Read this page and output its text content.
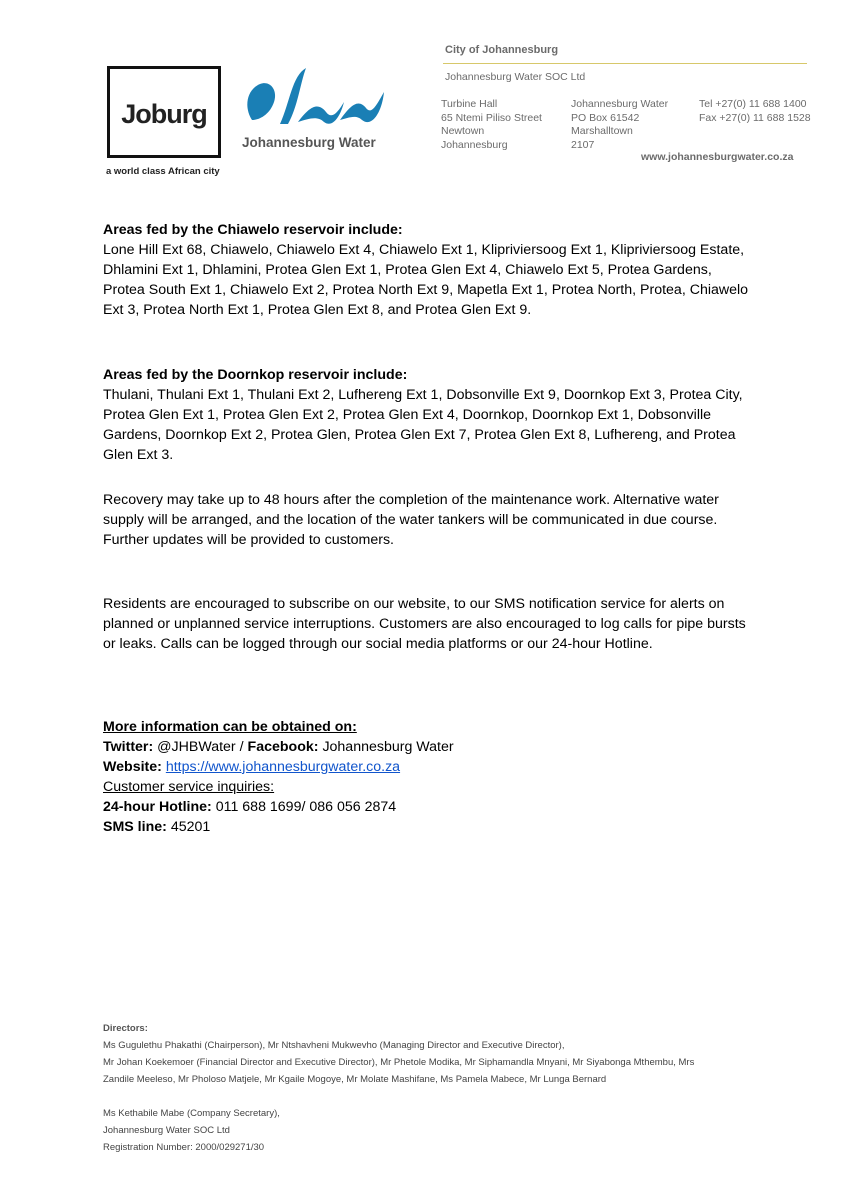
Joburg
a world class African city
Johannesburg Water
City of Johannesburg
Johannesburg Water SOC Ltd
Turbine Hall
65 Ntemi Piliso Street
Newtown
Johannesburg
Johannesburg Water
PO Box 61542
Marshalltown
2107
Tel +27(0) 11 688 1400
Fax +27(0) 11 688 1528
www.johannesburgwater.co.za

Areas fed by the Chiawelo reservoir include:

Lone Hill Ext 68, Chiawelo, Chiawelo Ext 4, Chiawelo Ext 1, Klipriviersoog Ext 1, Klipriviersoog Estate, Dhlamini Ext 1, Dhlamini, Protea Glen Ext 1, Protea Glen Ext 4, Chiawelo Ext 5, Protea Gardens, Protea South Ext 1, Chiawelo Ext 2, Protea North Ext 9, Mapetla Ext 1, Protea North, Protea, Chiawelo Ext 3, Protea North Ext 1, Protea Glen Ext 8, and Protea Glen Ext 9.

Areas fed by the Doornkop reservoir include:

Thulani, Thulani Ext 1, Thulani Ext 2, Lufhereng Ext 1, Dobsonville Ext 9, Doornkop Ext 3, Protea City, Protea Glen Ext 1, Protea Glen Ext 2, Protea Glen Ext 4, Doornkop, Doornkop Ext 1, Dobsonville Gardens, Doornkop Ext 2, Protea Glen, Protea Glen Ext 7, Protea Glen Ext 8, Lufhereng, and Protea Glen Ext 3.

Recovery may take up to 48 hours after the completion of the maintenance work. Alternative water supply will be arranged, and the location of the water tankers will be communicated in due course. Further updates will be provided to customers.

Residents are encouraged to subscribe on our website, to our SMS notification service for alerts on planned or unplanned service interruptions. Customers are also encouraged to log calls for pipe bursts or leaks. Calls can be logged through our social media platforms or our 24-hour Hotline.

More information can be obtained on:

Twitter: @JHBWater / Facebook: Johannesburg Water

Website: https://www.johannesburgwater.co.za

Customer service inquiries:

24-hour Hotline: 011 688 1699/ 086 056 2874

SMS line: 45201

Directors:
Ms Gugulethu Phakathi (Chairperson), Mr Ntshavheni Mukwevho (Managing Director and Executive Director),
Mr Johan Koekemoer (Financial Director and Executive Director), Mr Phetole Modika, Mr Siphamandla Mnyani, Mr Siyabonga Mthembu, Mrs
Zandile Meeleso, Mr Pholoso Matjele, Mr Kgaile Mogoye, Mr Molate Mashifane, Ms Pamela Mabece, Mr Lunga Bernard
Ms Kethabile Mabe (Company Secretary),
Johannesburg Water SOC Ltd
Registration Number: 2000/029271/30
